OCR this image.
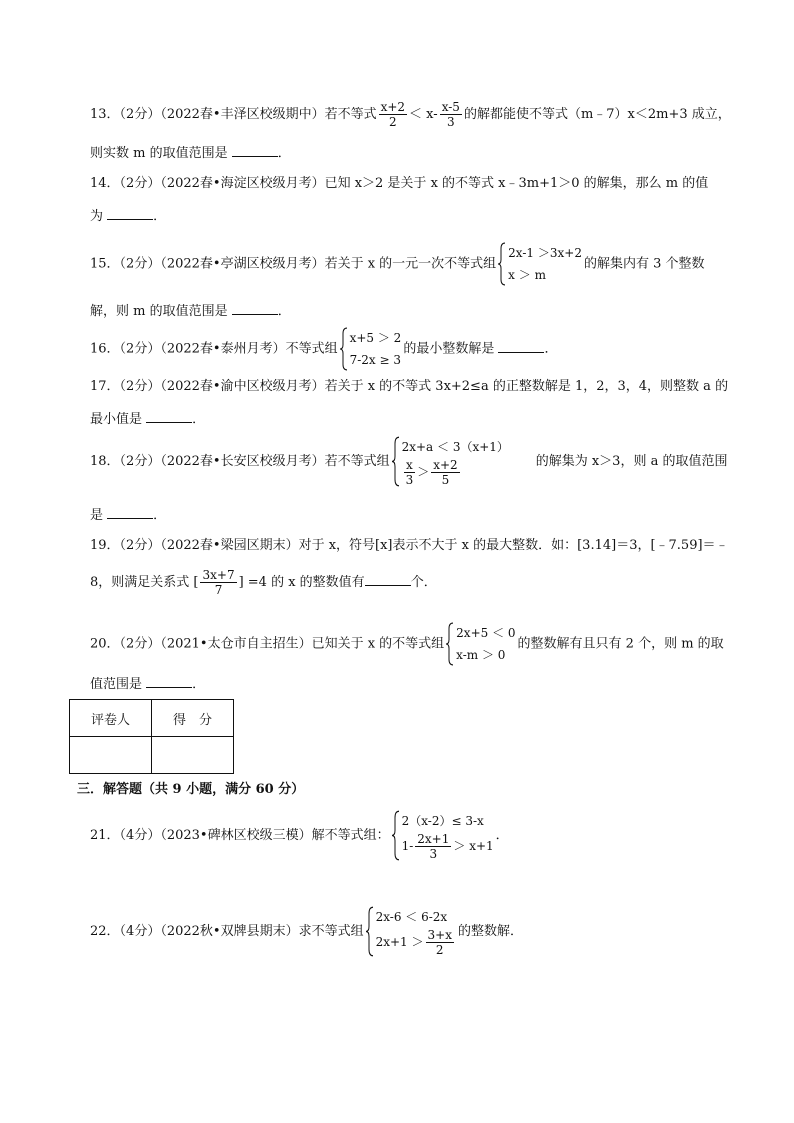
13．（2分）（2022春•丰泽区校级期中）若不等式 $\frac{x+2}{2} < x- \frac{x-5}{3}$ 的解都能使不等式（m﹣7）x＜2m+3 成立，
则实数 m 的取值范围是	．
14．（2分）（2022春•海淀区校级月考）已知 x＞2 是关于 x 的不等式 x﹣3m+1＞0 的解集，那么 m 的值
为	．
15．（2分）（2022春•亭湖区校级月考）若关于 x 的一元一次不等式组
2x-1 ＞3x+2
x ＞ m
的解集内有 3 个整数
解，则 m 的取值范围是	．
16．（2分）（2022春•泰州月考）不等式组
x+5 ＞ 2
7-2x ≥ 3
的最小整数解是	．
17．（2分）（2022春•渝中区校级月考）若关于 x 的不等式 3x+2≤a 的正整数解是 1，2，3，4，则整数 a 的
最小值是	．
18．（2分）（2022春•长安区校级月考）若不等式组
2x+a ＜ 3（x+1）
$\frac{x}{3} > \frac{x+2}{5}$	的解集为 x＞3，则 a 的取值范围
是	．
19．（2分）（2022春•梁园区期末）对于 x，符号[x]表示不大于 x 的最大整数．如：[3.14]＝3，[﹣7.59]＝﹣
8，则满足关系式 [ $\frac{3x+7}{7}$ ] =4 的 x 的整数值有	个．
20．（2分）（2021•太仓市自主招生）已知关于 x 的不等式组
2x+5 ＜ 0
x-m ＞ 0
的整数解有且只有 2 个，则 m 的取
值范围是	．
评卷人	得　分

三．解答题（共 9 小题，满分 60 分）
21．（4分）（2023•碑林区校级三模）解不等式组：
2（x-2）≤ 3-x
$1- \frac{2x+1}{3} > x+1$
．
22．（4分）（2022秋•双牌县期末）求不等式组
2x-6 ＜ 6-2x
$2x+1 > \frac{3+x}{2}$ 的整数解．
